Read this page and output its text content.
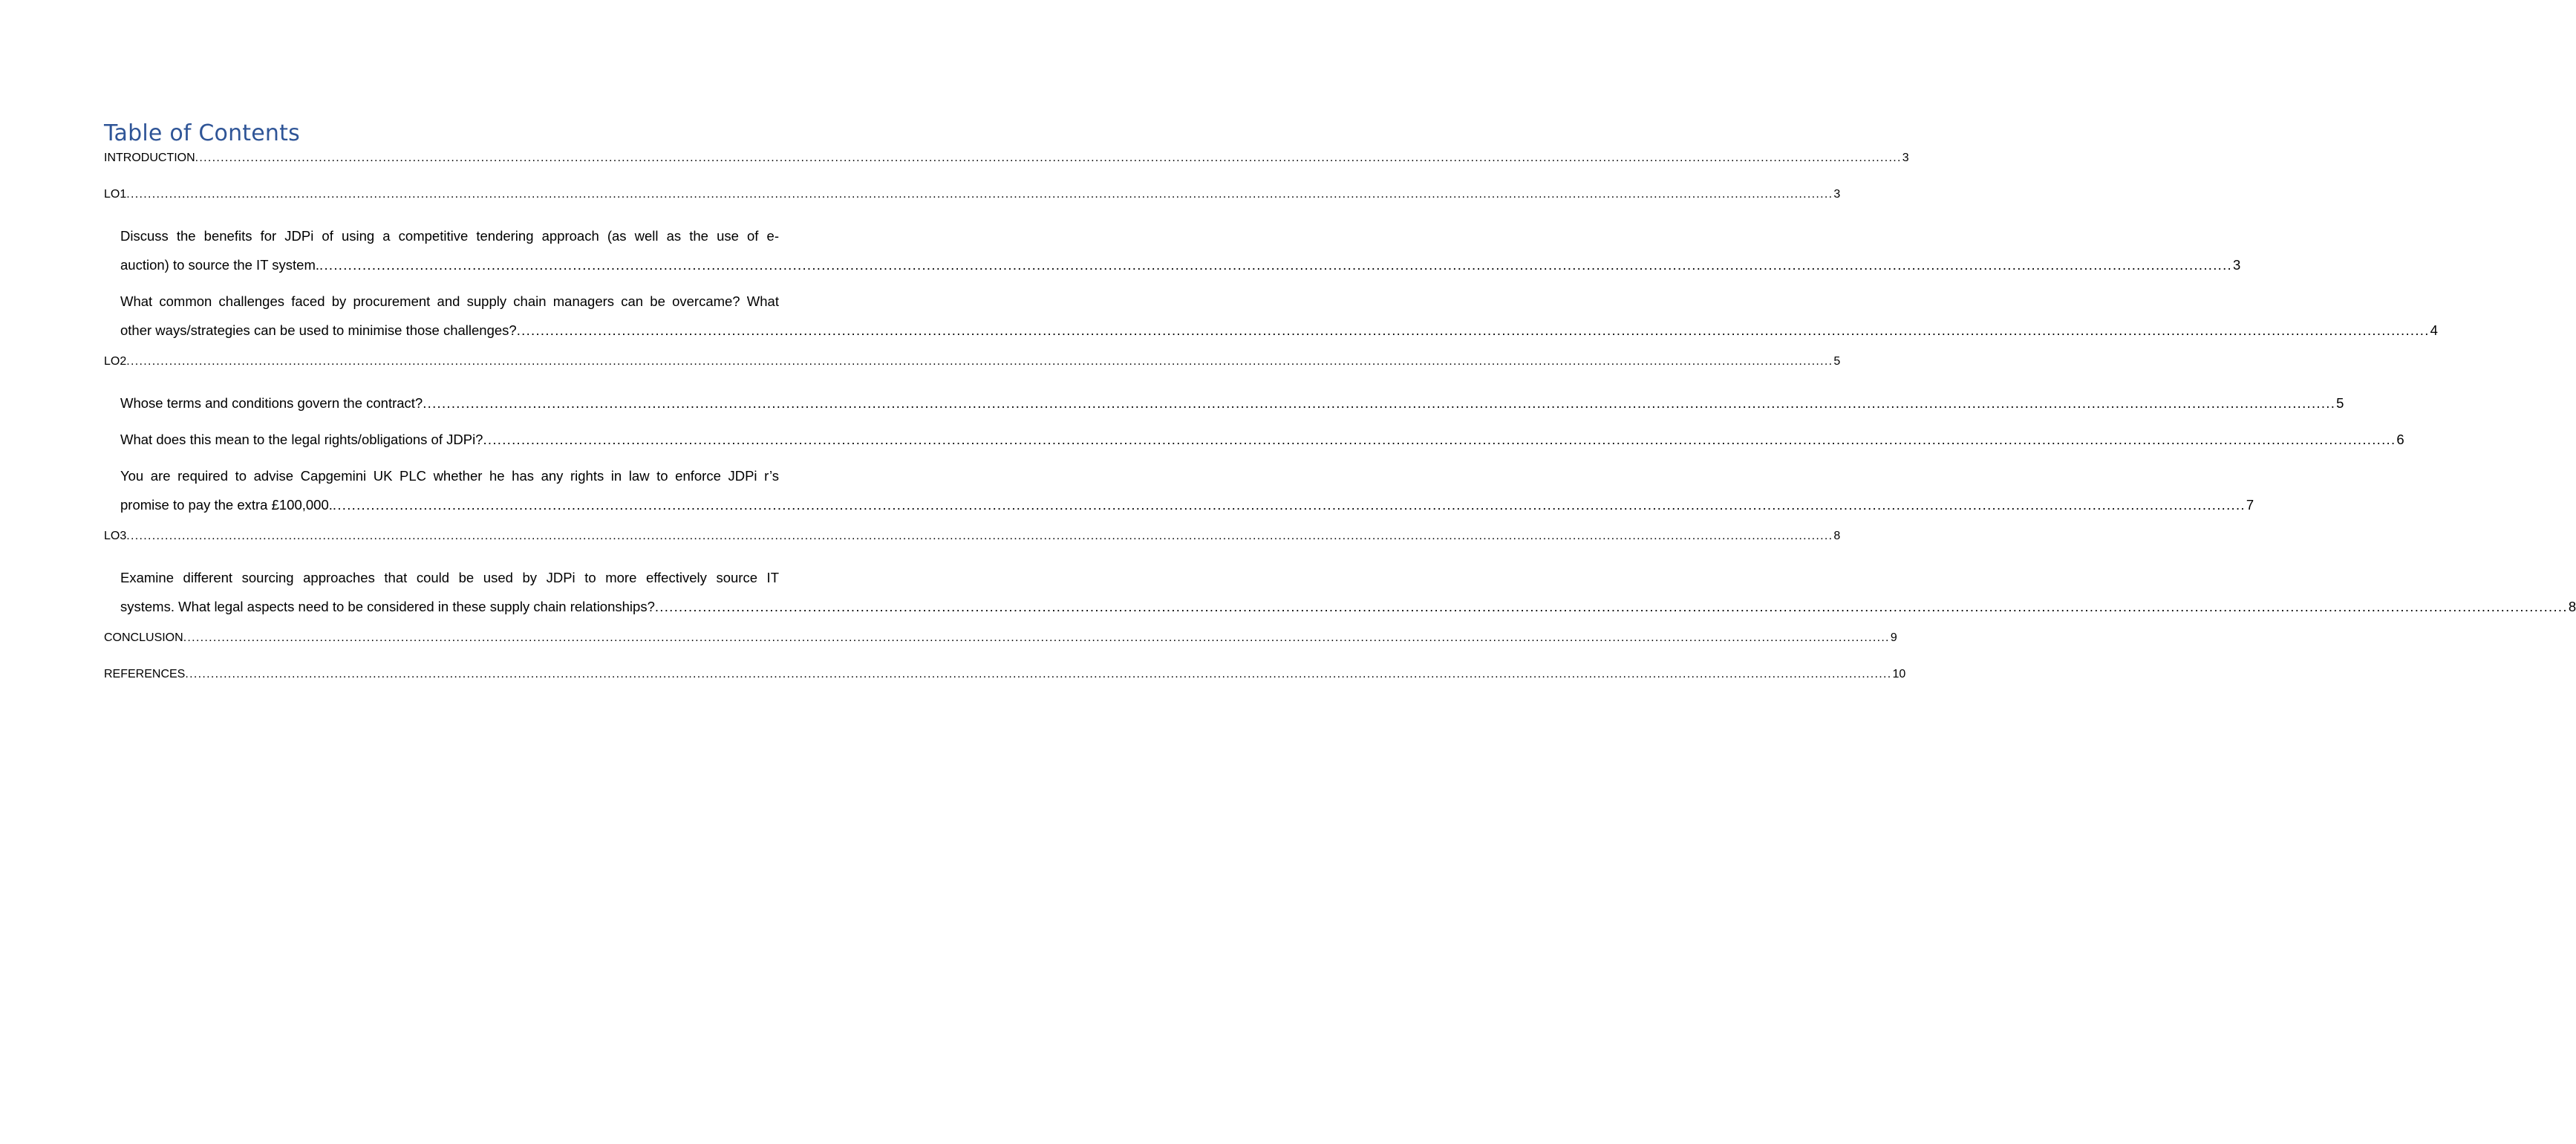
Table of Contents
INTRODUCTION ................................................................................................................................................................................................................................................................................................................................................................................................................ 3
LO1 ................................................................................................................................................................................................................................................................................................................................................................................................................ 3
Discuss the benefits for JDPi of using a competitive tendering approach (as well as the use of e-
auction) to source the IT system. ................................................................................................................................................................................................................................................................................................................................................................................................................ 3
What common challenges faced by procurement and supply chain managers can be overcame? What
other ways/strategies can be used to minimise those challenges? ................................................................................................................................................................................................................................................................................................................................................................................................................ 4
LO2 ................................................................................................................................................................................................................................................................................................................................................................................................................ 5
Whose terms and conditions govern the contract? ................................................................................................................................................................................................................................................................................................................................................................................................................ 5
What does this mean to the legal rights/obligations of JDPi? ................................................................................................................................................................................................................................................................................................................................................................................................................ 6
You are required to advise Capgemini UK PLC whether he has any rights in law to enforce JDPi r’s
promise to pay the extra £100,000. ................................................................................................................................................................................................................................................................................................................................................................................................................ 7
LO3 ................................................................................................................................................................................................................................................................................................................................................................................................................ 8
Examine different sourcing approaches that could be used by JDPi to more effectively source IT
systems. What legal aspects need to be considered in these supply chain relationships? ................................................................................................................................................................................................................................................................................................................................................................................................................ 8
CONCLUSION ................................................................................................................................................................................................................................................................................................................................................................................................................ 9
REFERENCES ................................................................................................................................................................................................................................................................................................................................................................................................................ 10
